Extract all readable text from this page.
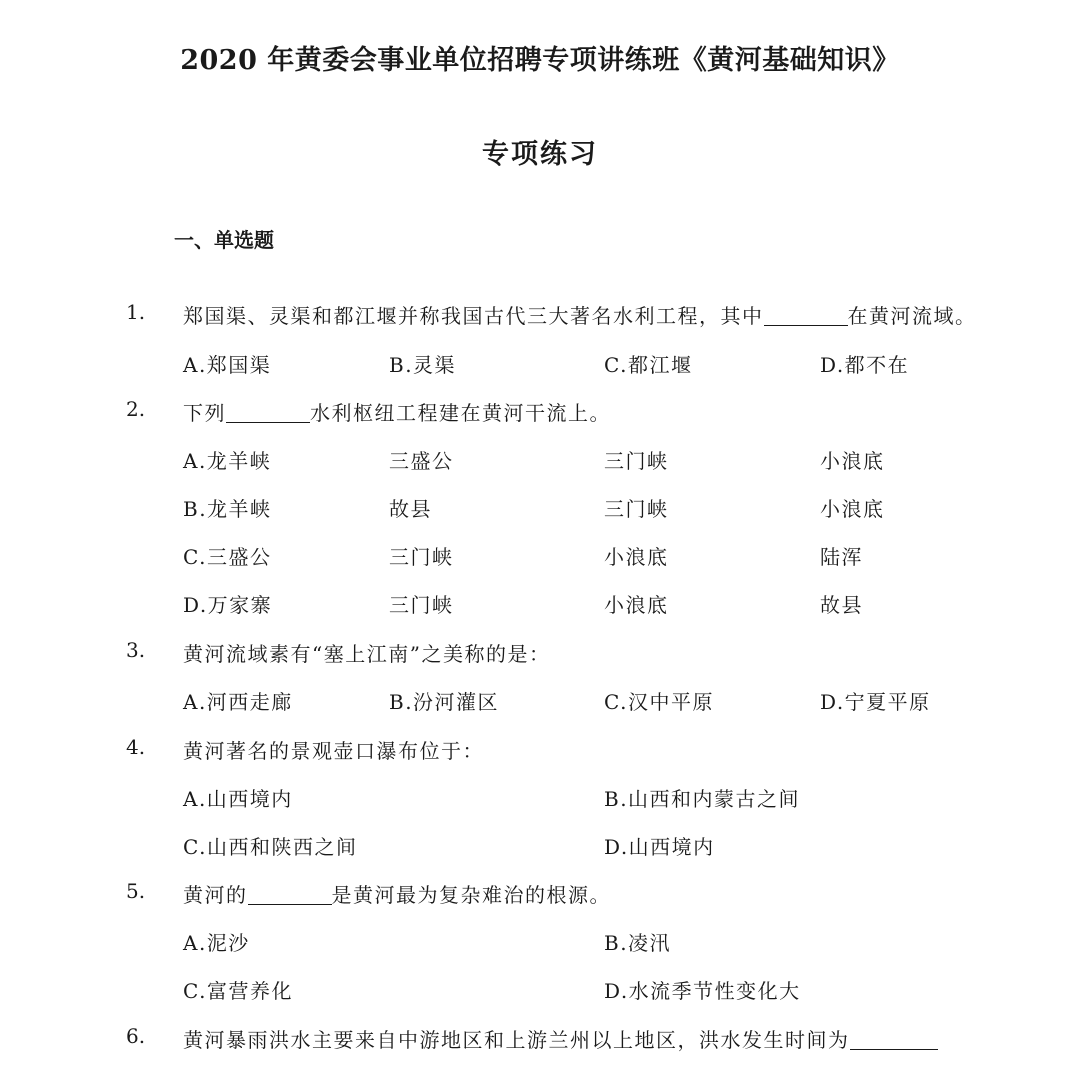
2020 年黄委会事业单位招聘专项讲练班《黄河基础知识》
专项练习
一、单选题
1. 郑国渠、灵渠和都江堰并称我国古代三大著名水利工程，其中	在黄河流域。
A.郑国渠	B.灵渠	C.都江堰	D.都不在
2. 下列	水利枢纽工程建在黄河干流上。
A.龙羊峡	三盛公	三门峡	小浪底
B.龙羊峡	故县	三门峡	小浪底
C.三盛公	三门峡	小浪底	陆浑
D.万家寨	三门峡	小浪底	故县
3. 黄河流域素有“塞上江南”之美称的是：
A.河西走廊	B.汾河灌区	C.汉中平原	D.宁夏平原
4. 黄河著名的景观壶口瀑布位于：
A.山西境内	B.山西和内蒙古之间
C.山西和陕西之间	D.山西境内
5. 黄河的	是黄河最为复杂难治的根源。
A.泥沙	B.凌汛
C.富营养化	D.水流季节性变化大
6. 黄河暴雨洪水主要来自中游地区和上游兰州以上地区，洪水发生时间为
